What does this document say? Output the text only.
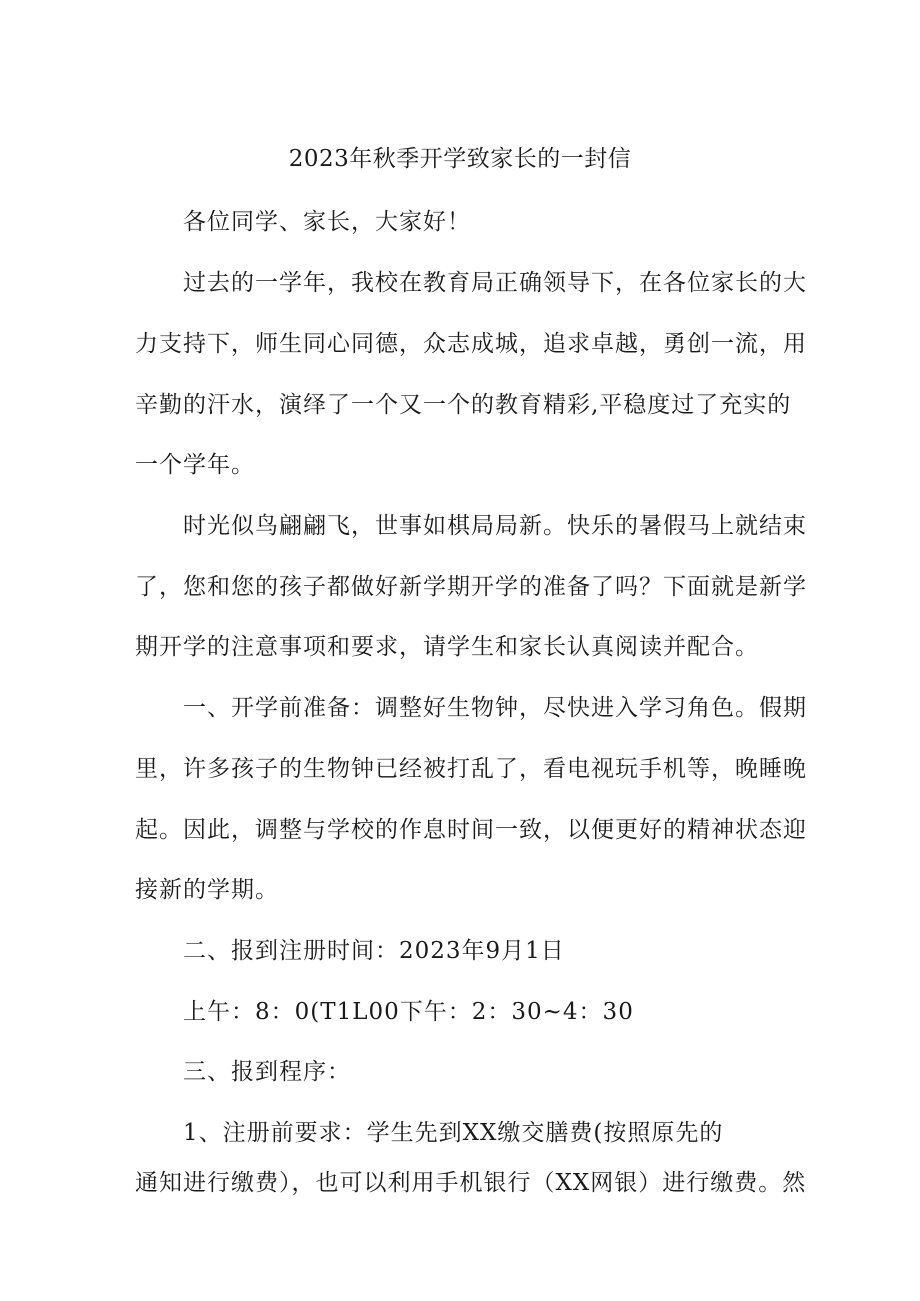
2023年秋季开学致家长的一封信
各位同学、家长，大家好！
过去的一学年，我校在教育局正确领导下，在各位家长的大
力支持下，师生同心同德，众志成城，追求卓越，勇创一流，用
辛勤的汗水，演绎了一个又一个的教育精彩,平稳度过了充实的
一个学年。
时光似鸟翩翩飞，世事如棋局局新。快乐的暑假马上就结束
了，您和您的孩子都做好新学期开学的准备了吗？下面就是新学
期开学的注意事项和要求，请学生和家长认真阅读并配合。
一、开学前准备：调整好生物钟，尽快进入学习角色。假期
里，许多孩子的生物钟已经被打乱了，看电视玩手机等，晚睡晚
起。因此，调整与学校的作息时间一致，以便更好的精神状态迎
接新的学期。
二、报到注册时间：2023年9月1日
上午：8：0(T1L00下午：2：30~4：30
三、报到程序：
1、注册前要求：学生先到XX缴交膳费(按照原先的
通知进行缴费），也可以利用手机银行（XX网银）进行缴费。然
